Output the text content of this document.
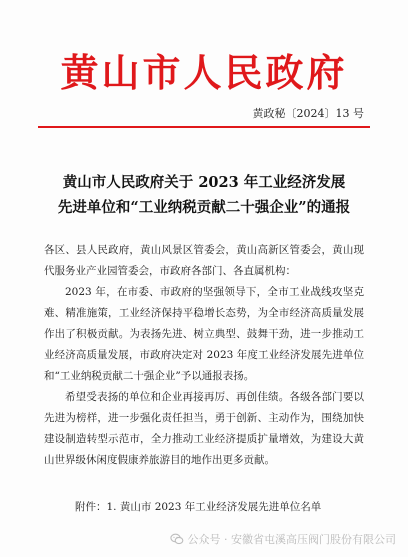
黄山市人民政府
黄政秘〔2024〕13 号
黄山市人民政府关于 2023 年工业经济发展
先进单位和“工业纳税贡献二十强企业”的通报

各区、县人民政府，黄山风景区管委会，黄山高新区管委会，黄山现代服务业产业园管委会，市政府各部门、各直属机构：

2023 年，在市委、市政府的坚强领导下，全市工业战线攻坚克难、精准施策，工业经济保持平稳增长态势，为全市经济高质量发展作出了积极贡献。为表扬先进、树立典型、鼓舞干劲，进一步推动工业经济高质量发展，市政府决定对 2023 年度工业经济发展先进单位和“工业纳税贡献二十强企业”予以通报表扬。

希望受表扬的单位和企业再接再厉、再创佳绩。各级各部门要以先进为榜样，进一步强化责任担当，勇于创新、主动作为，围绕加快建设制造转型示范市，全力推动工业经济提质扩量增效，为建设大黄山世界级休闲度假康养旅游目的地作出更多贡献。

附件：1. 黄山市 2023 年工业经济发展先进单位名单
公众号 · 安徽省屯溪高压阀门股份有限公司
